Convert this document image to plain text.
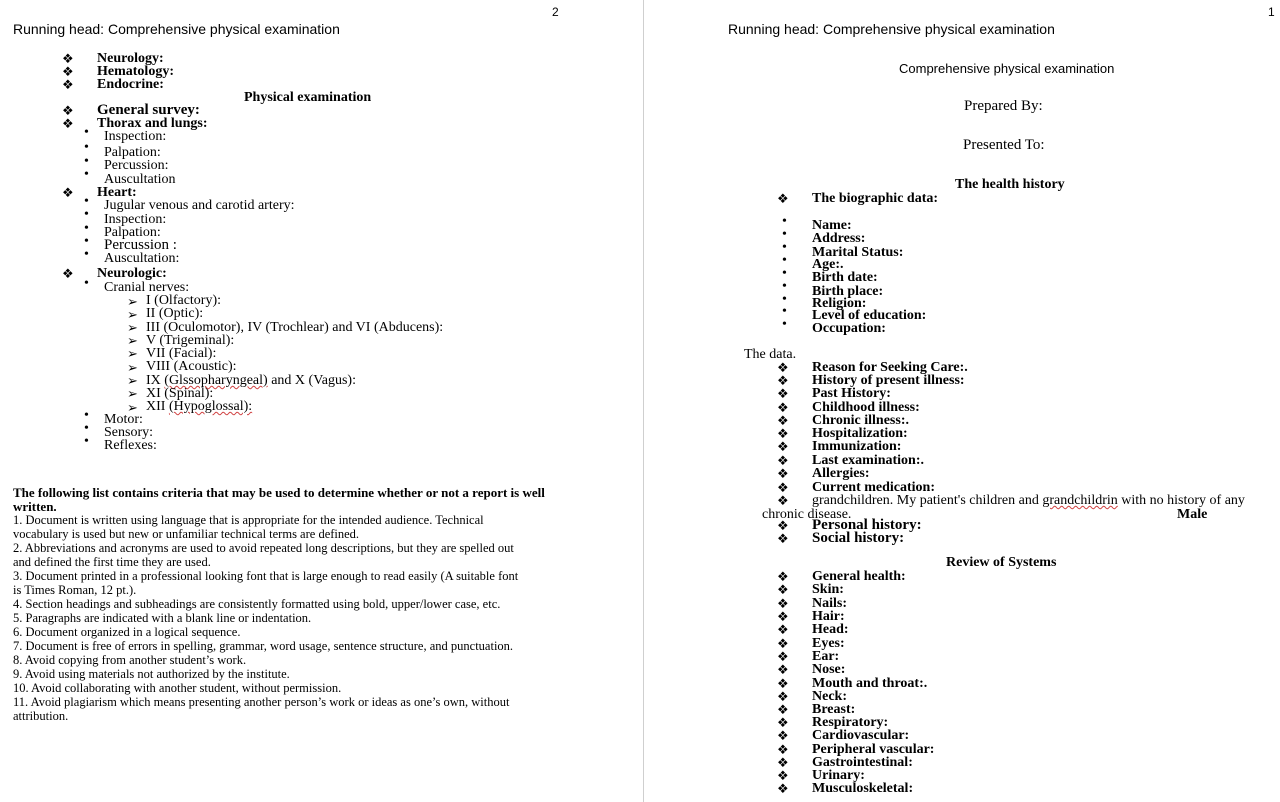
2
Running head: Comprehensive physical examination
❖ Neurology:
❖ Hematology:
❖ Endocrine:
Physical examination
❖ General survey:
❖ Thorax and lungs:
• Inspection:
• Palpation:
• Percussion:
• Auscultation
❖ Heart:
• Jugular venous and carotid artery:
• Inspection:
• Palpation:
• Percussion :
• Auscultation:
❖ Neurologic:
• Cranial nerves:
➢ I (Olfactory):
➢ II (Optic):
➢ III (Oculomotor), IV (Trochlear) and VI (Abducens):
➢ V (Trigeminal):
➢ VII (Facial):
➢ VIII (Acoustic):
➢ IX (Glssopharyngeal) and X (Vagus):
➢ XI (Spinal):
➢ XII (Hypoglossal):
• Motor:
• Sensory:
• Reflexes:
The following list contains criteria that may be used to determine whether or not a report is well
written.
1. Document is written using language that is appropriate for the intended audience. Technical
vocabulary is used but new or unfamiliar technical terms are defined.
2. Abbreviations and acronyms are used to avoid repeated long descriptions, but they are spelled out
and defined the first time they are used.
3. Document printed in a professional looking font that is large enough to read easily (A suitable font
is Times Roman, 12 pt.).
4. Section headings and subheadings are consistently formatted using bold, upper/lower case, etc.
5. Paragraphs are indicated with a blank line or indentation.
6. Document organized in a logical sequence.
7. Document is free of errors in spelling, grammar, word usage, sentence structure, and punctuation.
8. Avoid copying from another student’s work.
9. Avoid using materials not authorized by the institute.
10. Avoid collaborating with another student, without permission.
11. Avoid plagiarism which means presenting another person’s work or ideas as one’s own, without
attribution.
1
Running head: Comprehensive physical examination
Comprehensive physical examination
Prepared By:
Presented To:
The health history
❖ The biographic data:
• Name:
• Address:
• Marital Status:
• Age:.
• Birth date:
• Birth place:
• Religion:
• Level of education:
• Occupation:
The data.
❖ Reason for Seeking Care:.
❖ History of present illness:
❖ Past History:
❖ Childhood illness:
❖ Chronic illness:.
❖ Hospitalization:
❖ Immunization:
❖ Last examination:.
❖ Allergies:
❖ Current medication:
❖ grandchildren. My patient's children and grandchildrin with no history of any
chronic disease.	Male
❖ Personal history:
❖ Social history:
Review of Systems
❖ General health:
❖ Skin:
❖ Nails:
❖ Hair:
❖ Head:
❖ Eyes:
❖ Ear:
❖ Nose:
❖ Mouth and throat:.
❖ Neck:
❖ Breast:
❖ Respiratory:
❖ Cardiovascular:
❖ Peripheral vascular:
❖ Gastrointestinal:
❖ Urinary:
❖ Musculoskeletal:
